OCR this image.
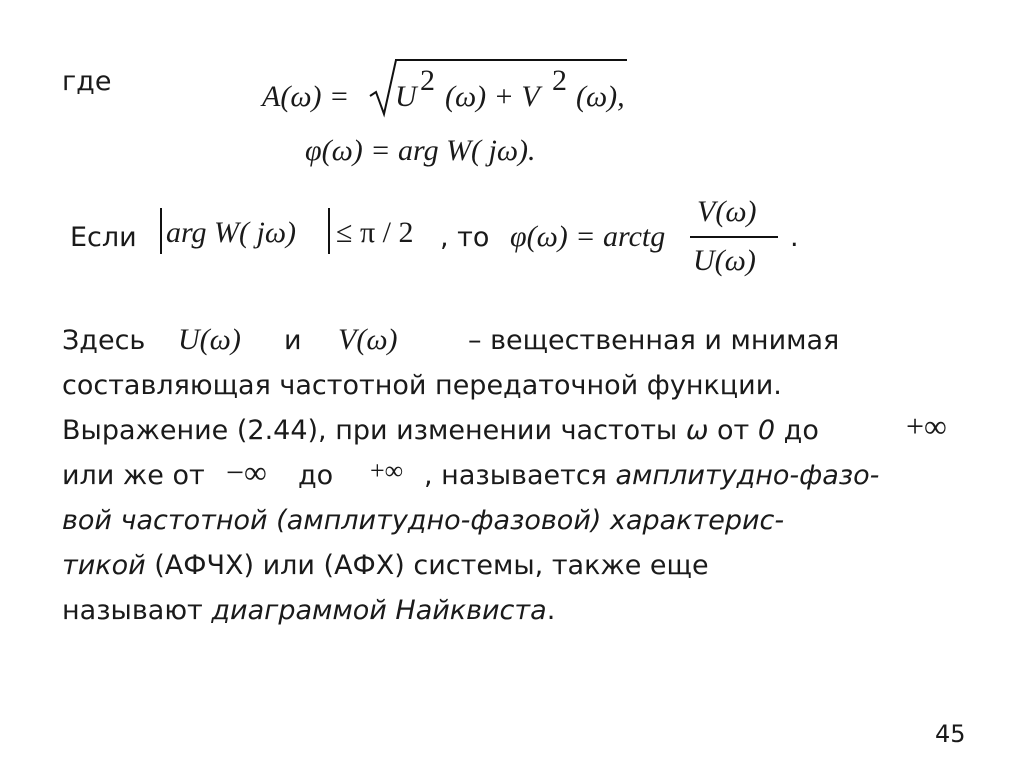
где	A(ω) = U 2 (ω) + V 2 (ω),
φ(ω) = arg W( jω).
Если arg W( jω) ≤ π / 2 , то φ(ω) = arctg
V(ω)
U(ω)
.
Здесь U(ω) и V(ω)	– вещественная и мнимая
составляющая частотной передаточной функции.
Выражение (2.44), при изменении частоты ω от 0 до	+∞
или же от −∞ до +∞ , называется амплитудно-фазо-
вой частотной (амплитудно-фазовой) характерис-
тикой (АФЧХ) или (АФХ) системы, также еще
называют диаграммой Найквиста.
45
